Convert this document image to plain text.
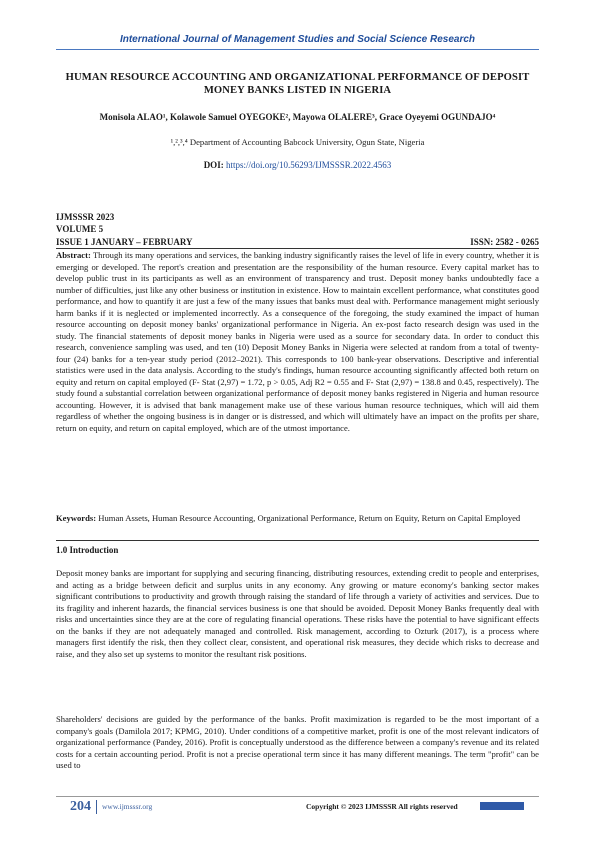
International Journal of Management Studies and Social Science Research
HUMAN RESOURCE ACCOUNTING AND ORGANIZATIONAL PERFORMANCE OF DEPOSIT MONEY BANKS LISTED IN NIGERIA
Monisola ALAO¹, Kolawole Samuel OYEGOKE², Mayowa OLALERE³, Grace Oyeyemi OGUNDAJO⁴
¹,²,³,⁴ Department of Accounting Babcock University, Ogun State, Nigeria
DOI: https://doi.org/10.56293/IJMSSSR.2022.4563
IJMSSSR 2023
VOLUME 5
ISSUE 1 JANUARY – FEBRUARY	ISSN: 2582 - 0265
Abstract: Through its many operations and services, the banking industry significantly raises the level of life in every country, whether it is emerging or developed. The report's creation and presentation are the responsibility of the human resource. Every capital market has to develop public trust in its participants as well as an environment of transparency and trust. Deposit money banks undoubtedly face a number of difficulties, just like any other business or institution in existence. How to maintain excellent performance, what constitutes good performance, and how to quantify it are just a few of the many issues that banks must deal with. Performance management might seriously harm banks if it is neglected or implemented incorrectly. As a consequence of the foregoing, the study examined the impact of human resource accounting on deposit money banks' organizational performance in Nigeria. An ex-post facto research design was used in the study. The financial statements of deposit money banks in Nigeria were used as a source for secondary data. In order to conduct this research, convenience sampling was used, and ten (10) Deposit Money Banks in Nigeria were selected at random from a total of twenty-four (24) banks for a ten-year study period (2012–2021). This corresponds to 100 bank-year observations. Descriptive and inferential statistics were used in the data analysis. According to the study's findings, human resource accounting significantly affected both return on equity and return on capital employed (F- Stat (2,97) = 1.72, p > 0.05, Adj R2 = 0.55 and F- Stat (2,97) = 138.8 and 0.45, respectively). The study found a substantial correlation between organizational performance of deposit money banks registered in Nigeria and human resource accounting. However, it is advised that bank management make use of these various human resource techniques, which will aid them regardless of whether the ongoing business is in danger or is distressed, and which will ultimately have an impact on the profits per share, return on equity, and return on capital employed, which are of the utmost importance.
Keywords: Human Assets, Human Resource Accounting, Organizational Performance, Return on Equity, Return on Capital Employed
1.0 Introduction
Deposit money banks are important for supplying and securing financing, distributing resources, extending credit to people and enterprises, and acting as a bridge between deficit and surplus units in any economy. Any growing or mature economy's banking sector makes significant contributions to productivity and growth through raising the standard of life through a variety of activities and services. Due to its fragility and inherent hazards, the financial services business is one that should be avoided. Deposit Money Banks frequently deal with risks and uncertainties since they are at the core of regulating financial operations. These risks have the potential to have significant effects on the banks if they are not adequately managed and controlled. Risk management, according to Ozturk (2017), is a process where managers first identify the risk, then they collect clear, consistent, and operational risk measures, they decide which risks to decrease and raise, and they also set up systems to monitor the resultant risk positions.
Shareholders' decisions are guided by the performance of the banks. Profit maximization is regarded to be the most important of a company's goals (Damilola 2017; KPMG, 2010). Under conditions of a competitive market, profit is one of the most relevant indicators of organizational performance (Pandey, 2016). Profit is conceptually understood as the difference between a company's revenue and its related costs for a certain accounting period. Profit is not a precise operational term since it has many different meanings. The term "profit" can be used to
204 www.ijmsssr.org	Copyright © 2023 IJMSSSR All rights reserved
